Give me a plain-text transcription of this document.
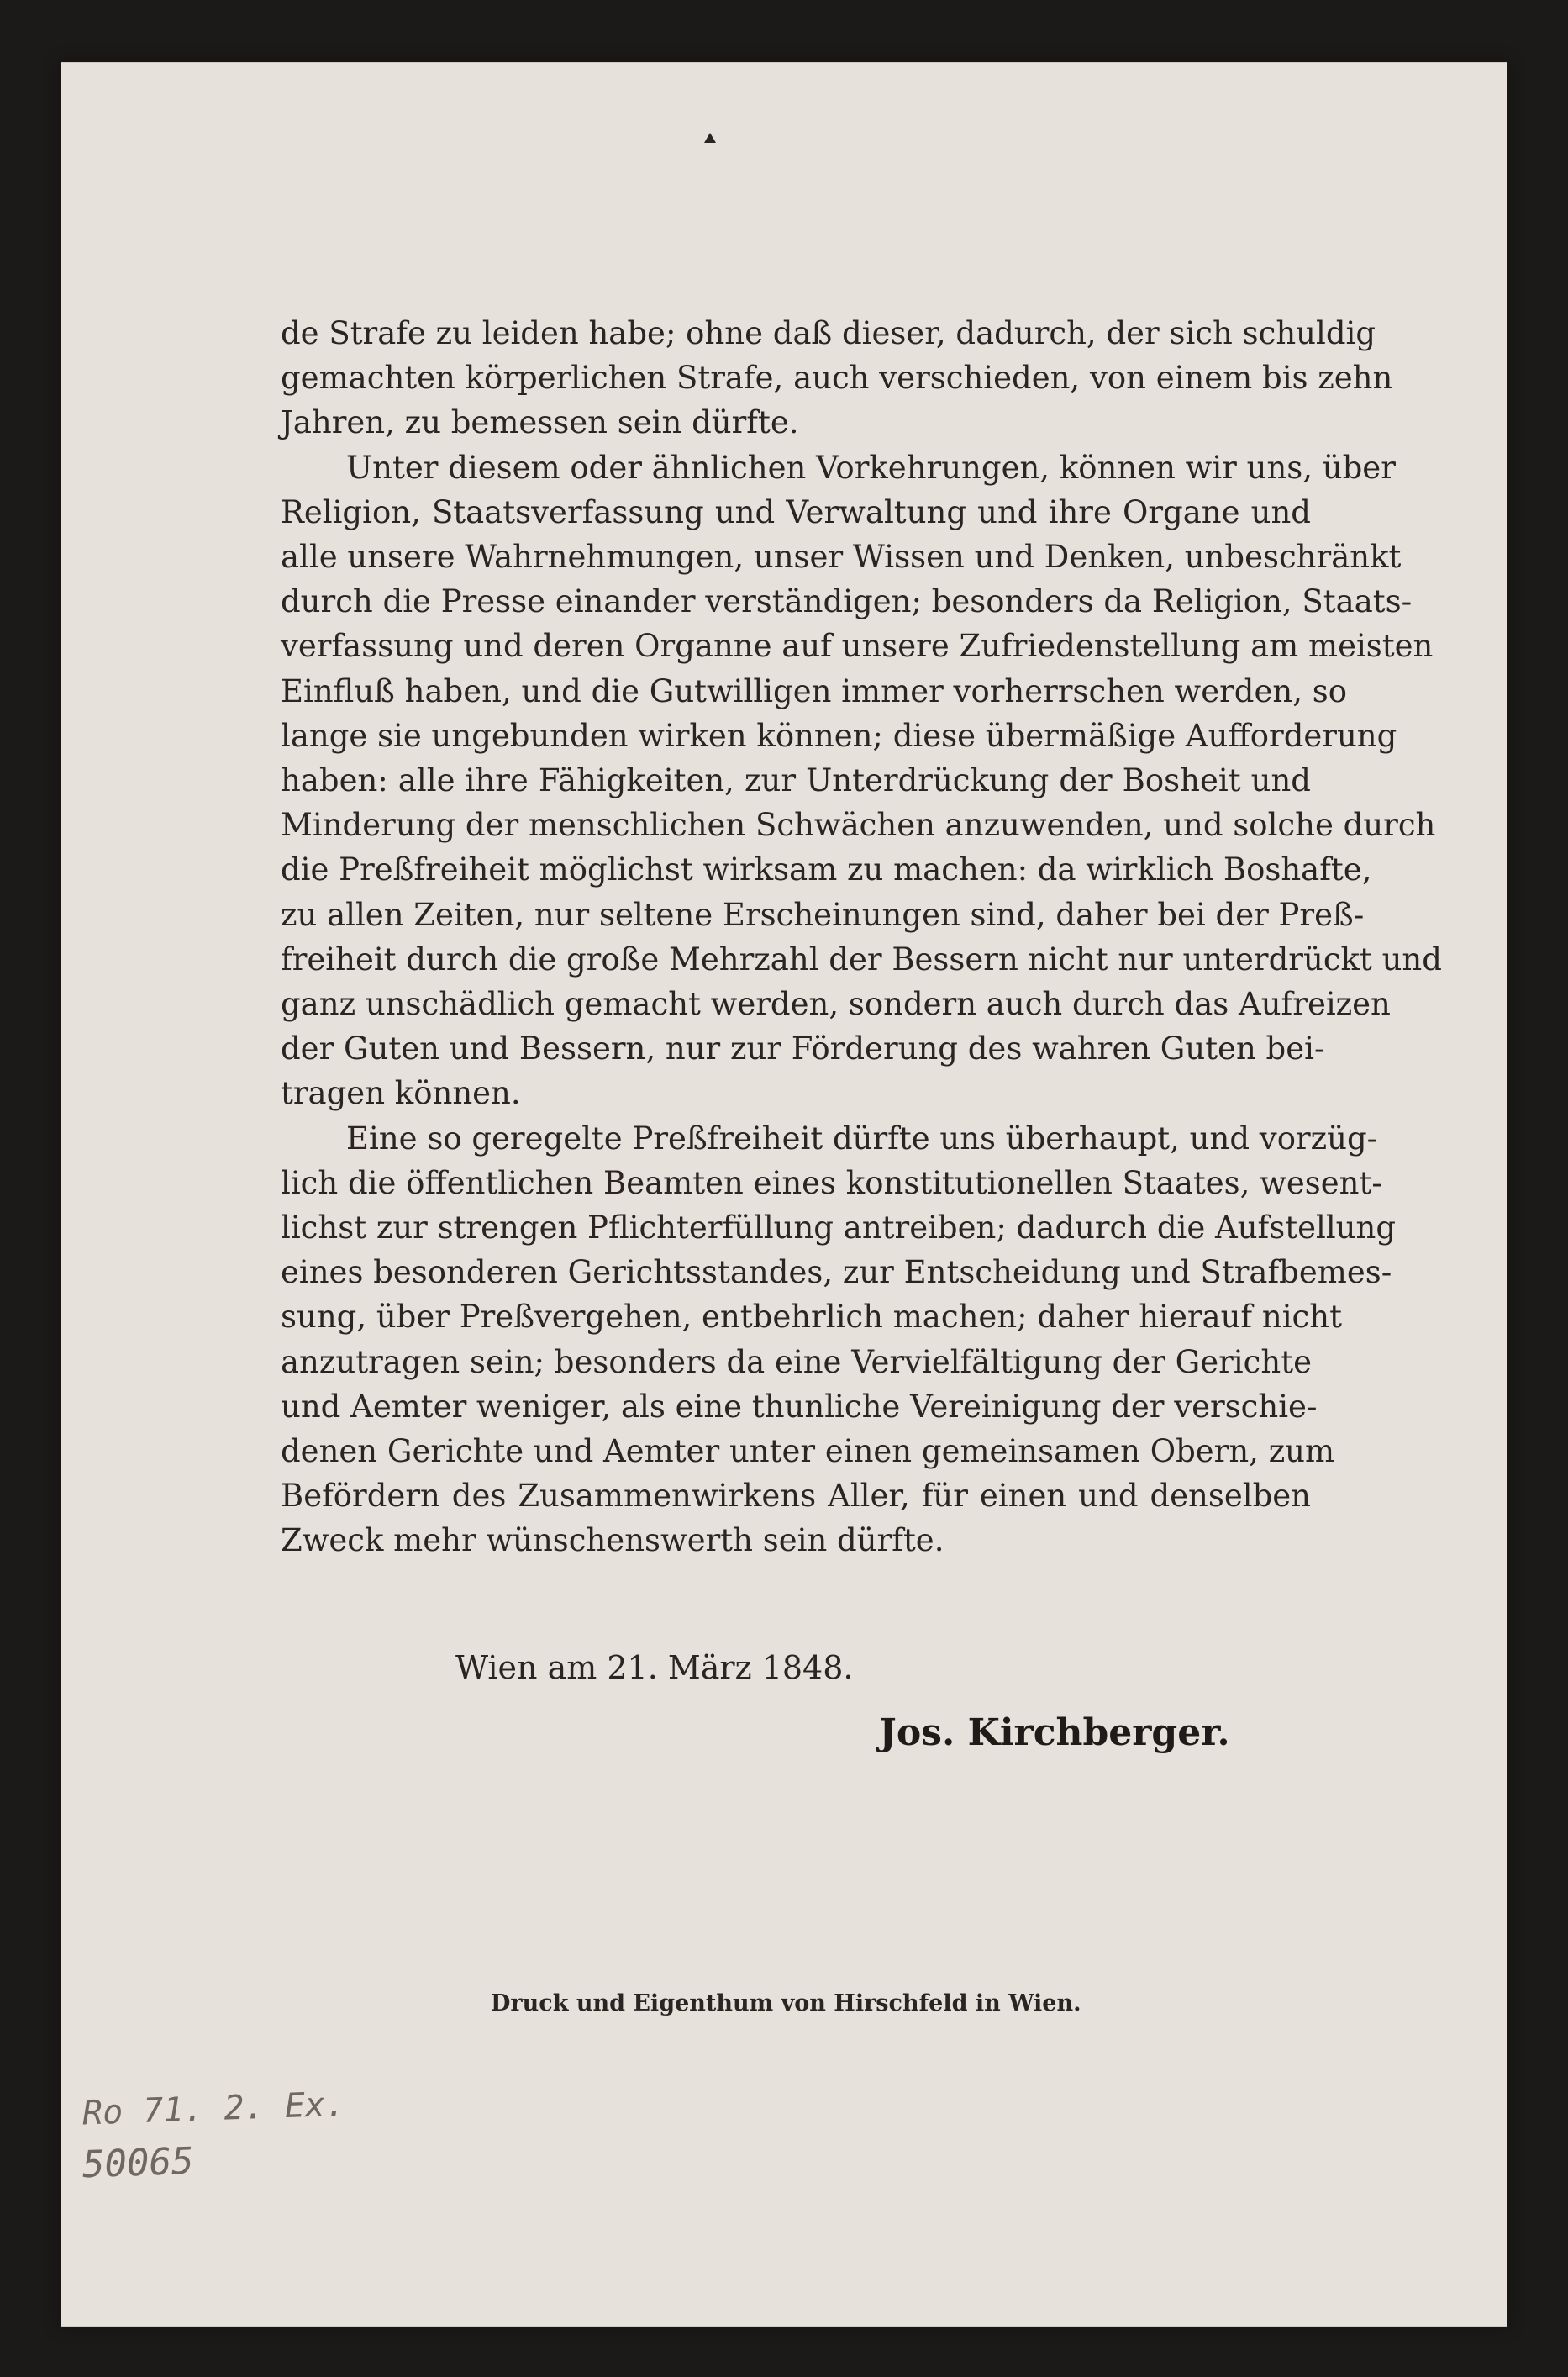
de Strafe zu leiden habe; ohne daß dieser, dadurch, der sich schuldig
gemachten körperlichen Strafe, auch verschieden, von einem bis zehn
Jahren, zu bemessen sein dürfte.
Unter diesem oder ähnlichen Vorkehrungen, können wir uns, über
Religion, Staatsverfassung und Verwaltung und ihre Organe und
alle unsere Wahrnehmungen, unser Wissen und Denken, unbeschränkt
durch die Presse einander verständigen; besonders da Religion, Staats-
verfassung und deren Organne auf unsere Zufriedenstellung am meisten
Einfluß haben, und die Gutwilligen immer vorherrschen werden, so
lange sie ungebunden wirken können; diese übermäßige Aufforderung
haben: alle ihre Fähigkeiten, zur Unterdrückung der Bosheit und
Minderung der menschlichen Schwächen anzuwenden, und solche durch
die Preßfreiheit möglichst wirksam zu machen: da wirklich Boshafte,
zu allen Zeiten, nur seltene Erscheinungen sind, daher bei der Preß-
freiheit durch die große Mehrzahl der Bessern nicht nur unterdrückt und
ganz unschädlich gemacht werden, sondern auch durch das Aufreizen
der Guten und Bessern, nur zur Förderung des wahren Guten bei-
tragen können.
Eine so geregelte Preßfreiheit dürfte uns überhaupt, und vorzüg-
lich die öffentlichen Beamten eines konstitutionellen Staates, wesent-
lichst zur strengen Pflichterfüllung antreiben; dadurch die Aufstellung
eines besonderen Gerichtsstandes, zur Entscheidung und Strafbemes-
sung, über Preßvergehen, entbehrlich machen; daher hierauf nicht
anzutragen sein; besonders da eine Vervielfältigung der Gerichte
und Aemter weniger, als eine thunliche Vereinigung der verschie-
denen Gerichte und Aemter unter einen gemeinsamen Obern, zum
Befördern des Zusammenwirkens Aller, für einen und denselben
Zweck mehr wünschenswerth sein dürfte.
Wien am 21. März 1848.
Jos. Kirchberger.
Druck und Eigenthum von Hirschfeld in Wien.
Ro 71. 2. Ex.
50065
